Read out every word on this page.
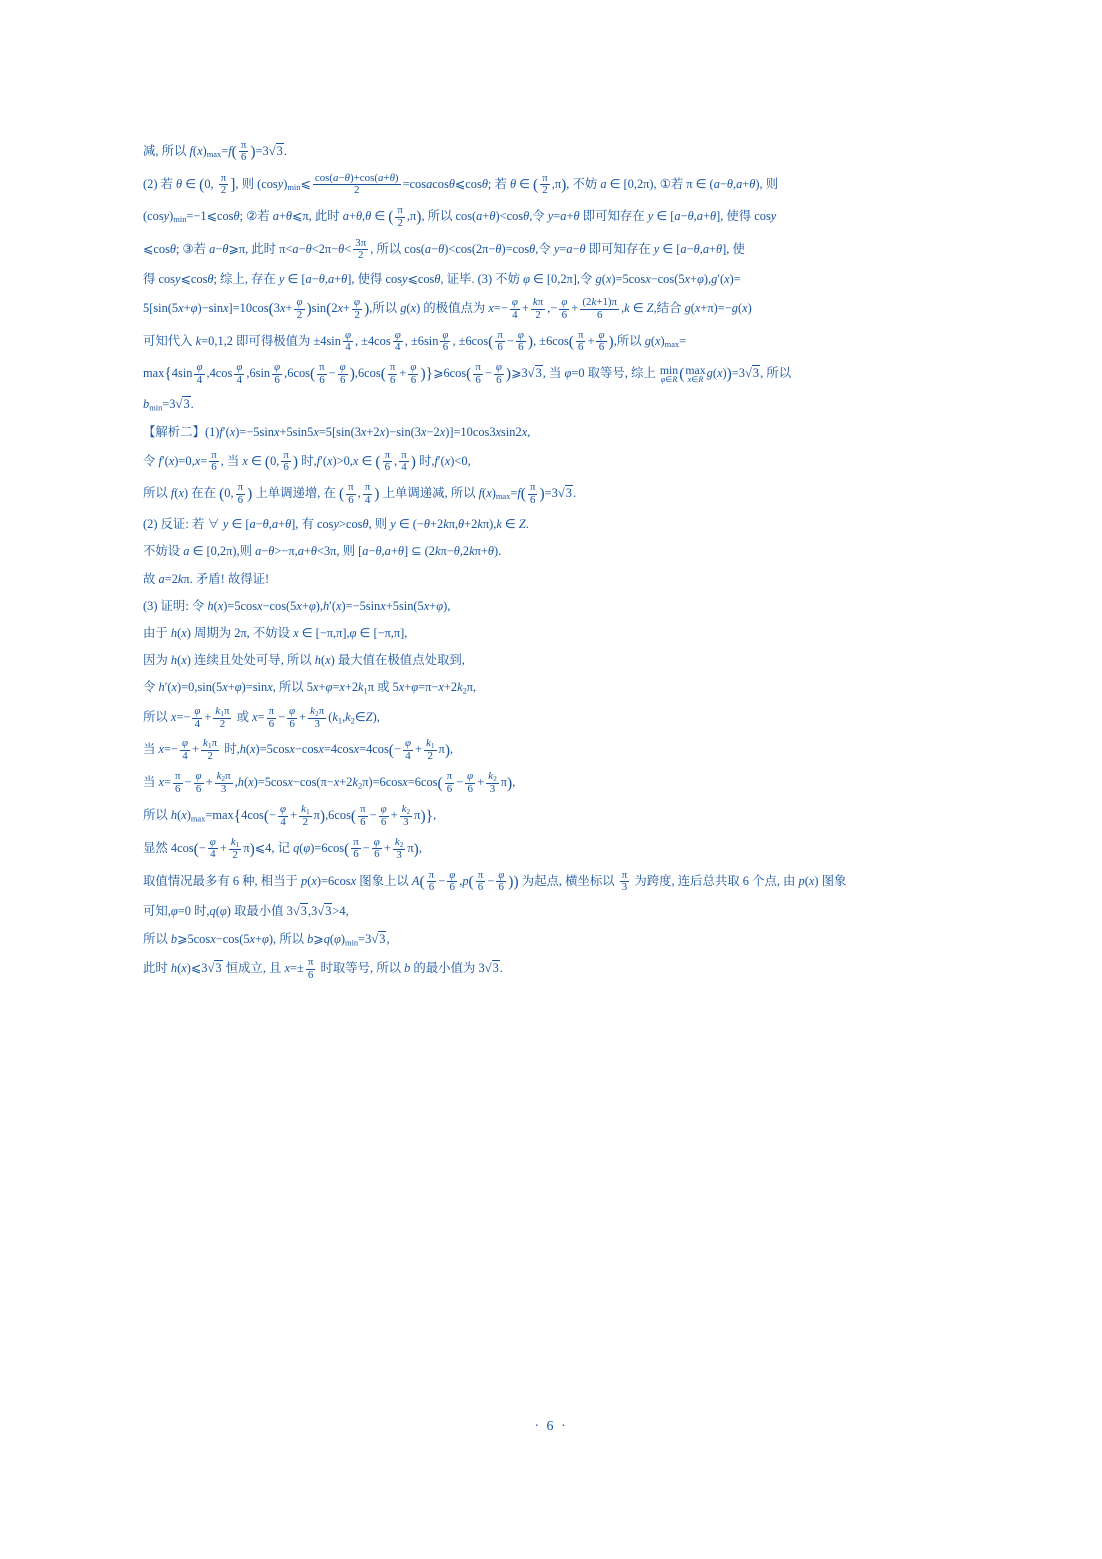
减, 所以 $f(x)_{max}=f( \frac{\pi}{6} )=3√3$.
(2) 若 θ ∈ (0, $\frac{\pi}{2}$ ], 则 $(\cos y)_{min}⩽ \frac{\cos(a-\theta)+\cos(a+\theta)}{2}$ =cosacosθ⩽cosθ; 若 θ ∈ ( $\frac{\pi}{2} ,\pi$), 不妨 a ∈ [0,2π), ①若 π ∈ (a−θ,a+θ), 则
$(\cos y)_{min}=-1⩽\cos\theta$; ②若 a+θ⩽π, 此时 a+θ,θ ∈ ( $\frac{\pi}{2} ,\pi$), 所以 cos(a+θ)<cosθ,令 y=a+θ 即可知存在 y ∈ [a−θ,a+θ], 使得 cosy
⩽cosθ; ③若 a−θ⩾π, 此时 $\pi<a-\theta<2\pi-\theta< \frac{3\pi}{2}$ , 所以 cos(a−θ)<cos(2π−θ)=cosθ,令 y=a−θ 即可知存在 y ∈ [a−θ,a+θ], 使
得 cosy⩽cosθ; 综上, 存在 y ∈ [a−θ,a+θ], 使得 cosy⩽cosθ, 证毕. (3) 不妨 φ ∈ [0,2π],令 g(x)=5cosx−cos(5x+φ),g′(x)=
$5[\sin(5x+\varphi)-\sin x]=10\cos(3x+ \frac{\varphi}{2} )\sin(2x+ \frac{\varphi}{2}$ ),所以 g(x) 的极值点为 $x=- \frac{\varphi}{4} + \frac{k\pi}{2}$ ,− $\frac{\varphi}{6} + \frac{(2k+1)\pi}{6} ,k$ ∈ Z,结合 g(x+π)=−g(x)
可知代入 k=0,1,2 即可得极值为 $\pm 4\sin \frac{\varphi}{4}$ , $\pm 4\cos \frac{\varphi}{4}$ , $\pm 6\sin \frac{\varphi}{6}$ , $\pm 6\cos( \frac{\pi}{6} - \frac{\varphi}{6}$ ), $\pm 6\cos( \frac{\pi}{6} + \frac{\varphi}{6}$ ),所以 $g(x)_{max}=$
$\max\{4\sin \frac{\varphi}{4} ,4\cos \frac{\varphi}{4} ,6\sin \frac{\varphi}{6} ,6\cos( \frac{\pi}{6} - \frac{\varphi}{6} ),6\cos( \frac{\pi}{6} + \frac{\varphi}{6}$ )}⩾6cos( $\frac{\pi}{6} - \frac{\varphi}{6}$ )⩾3√3, 当 φ=0 取等号, 综上 min
φ∈R ( max
x∈R g(x))=3√3, 所以
$b_{min}=3√3$.
【解析二】(1)f′(x)=−5sinx+5sin5x=5[sin(3x+2x)−sin(3x−2x)]=10cos3xsin2x,
令 $f'(x)=0,x= \frac{\pi}{6}$ , 当 x ∈ (0, $\frac{\pi}{6}$ ) 时,f′(x)>0,x ∈ ( $\frac{\pi}{6}$ , $\frac{\pi}{4}$ ) 时,f′(x)<0,
所以 f(x) 在在 (0, $\frac{\pi}{6}$ ) 上单调递增, 在 ( $\frac{\pi}{6}$ , $\frac{\pi}{4}$ ) 上单调递减, 所以 $f(x)_{max}=f( \frac{\pi}{6} )=3√3$.
(2) 反证: 若 ∀ y ∈ [a−θ,a+θ], 有 cosy>cosθ, 则 y ∈ (−θ+2kπ,θ+2kπ),k ∈ Z.
不妨设 a ∈ [0,2π),则 a−θ>−π,a+θ<3π, 则 [a−θ,a+θ] ⊆ (2kπ−θ,2kπ+θ).
故 a=2kπ. 矛盾! 故得证!
(3) 证明: 令 h(x)=5cosx−cos(5x+φ),h′(x)=−5sinx+5sin(5x+φ),
由于 h(x) 周期为 2π, 不妨设 x ∈ [−π,π],φ ∈ [−π,π],
因为 h(x) 连续且处处可导, 所以 h(x) 最大值在极值点处取到,
令 h′(x)=0,sin(5x+φ)=sinx, 所以 $5x+\varphi=x+2k_1\pi$ 或 $5x+\varphi=\pi-x+2k_2\pi$,
所以 $x=- \frac{\varphi}{4} + \frac{k_1\pi}{2}$ 或 $x= \frac{\pi}{6} - \frac{\varphi}{6} + \frac{k_2\pi}{3}$ $(k_1,k_2\in Z)$,
当 $x=- \frac{\varphi}{4} + \frac{k_1\pi}{2}$ 时$,h(x)=5\cos x-\cos x=4\cos x=4\cos(- \frac{\varphi}{4} + \frac{k_1}{2} \pi)$,
当 $x= \frac{\pi}{6} - \frac{\varphi}{6} + \frac{k_2\pi}{3} ,h(x)=5\cos x-\cos(\pi-x+2k_2\pi)=6\cos x=6\cos( \frac{\pi}{6} - \frac{\varphi}{6} + \frac{k_2}{3} \pi)$,
所以 $h(x)_{max}=\max\{4\cos(- \frac{\varphi}{4} + \frac{k_1}{2} \pi),6\cos( \frac{\pi}{6} - \frac{\varphi}{6} + \frac{k_2}{3} \pi)\}$,
显然 $4\cos(- \frac{\varphi}{4} + \frac{k_1}{2}$ π)⩽4, 记 $q(\varphi)=6\cos( \frac{\pi}{6} - \frac{\varphi}{6} + \frac{k_2}{3} \pi)$,
取值情况最多有 6 种, 相当于 p(x)=6cosx 图象上以 $A( \frac{\pi}{6} - \frac{\varphi}{6} ,p( \frac{\pi}{6} - \frac{\varphi}{6}$ )) 为起点, 横坐标以 $\frac{\pi}{3}$ 为跨度, 连后总共取 6 个点, 由 p(x) 图象
可知,φ=0 时,q(φ) 取最小值 3√3,3√3>4,
所以 b⩾5cosx−cos(5x+φ), 所以 $b⩾q(\varphi)_{min}=3√3$,
此时 h(x)⩽3√3 恒成立, 且 $x=\pm \frac{\pi}{6}$ 时取等号, 所以 b 的最小值为 3√3.
· 6 ·
